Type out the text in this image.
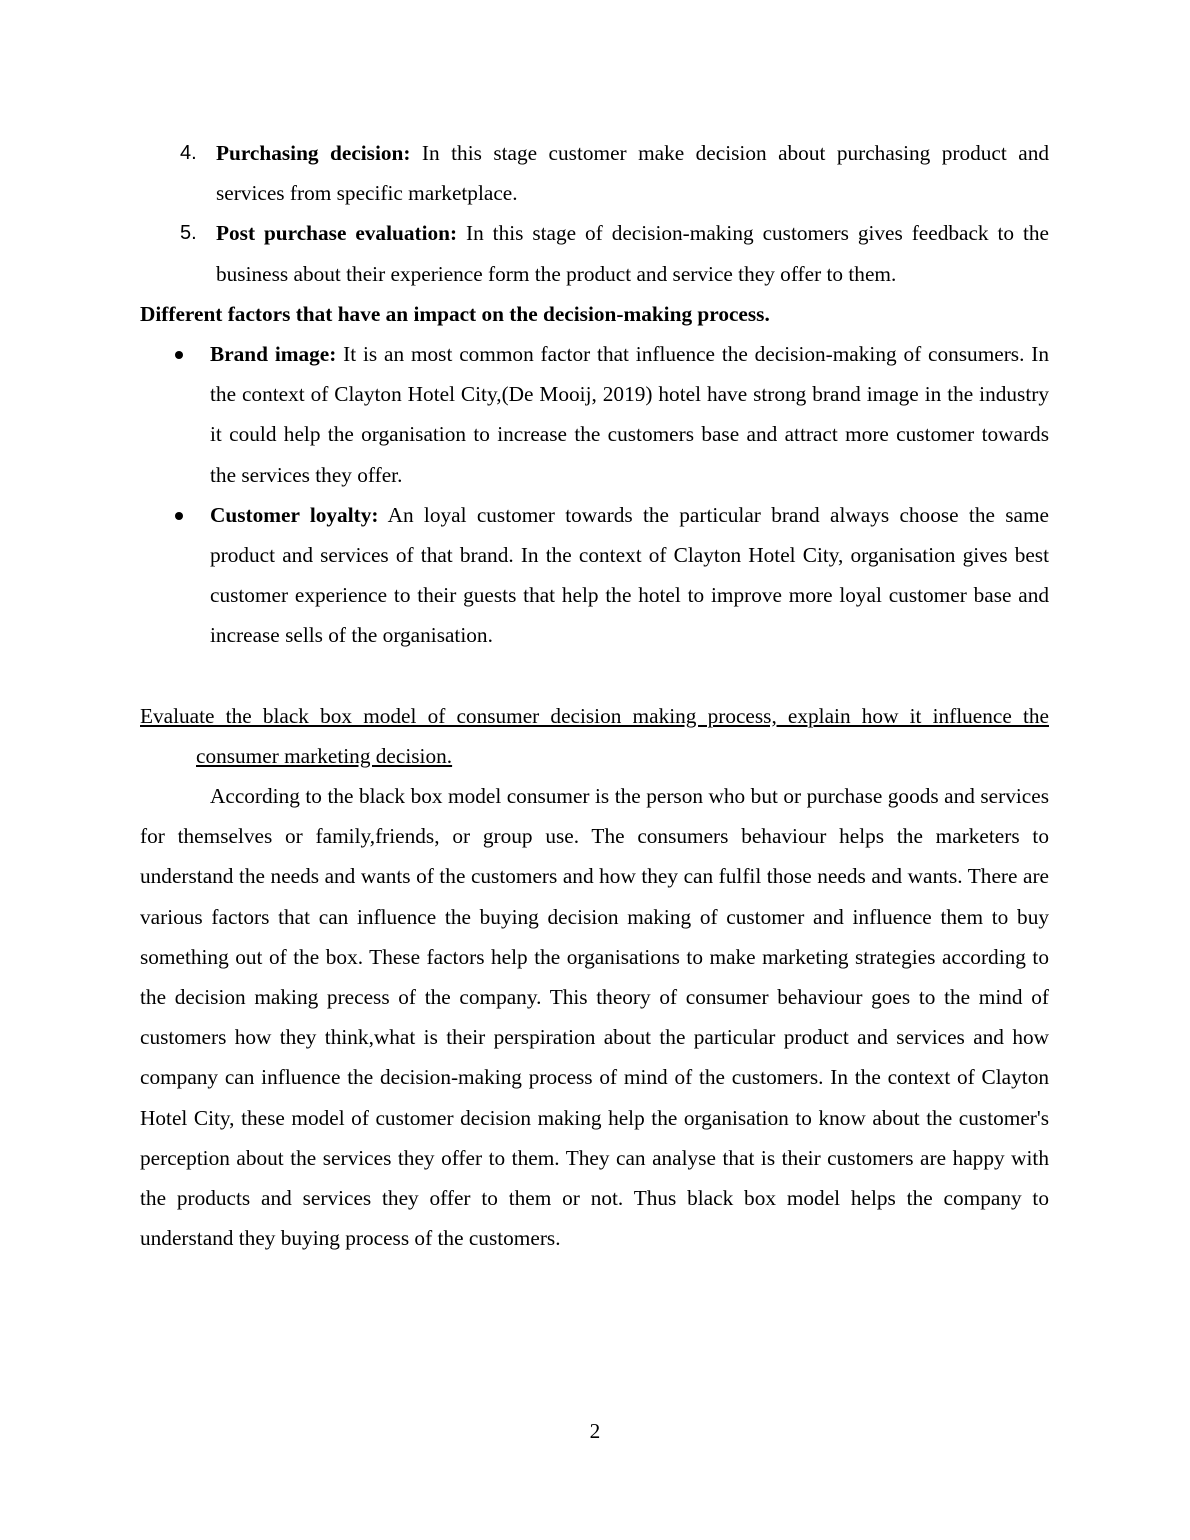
4. Purchasing decision: In this stage customer make decision about purchasing product and services from specific marketplace.
5. Post purchase evaluation: In this stage of decision-making customers gives feedback to the business about their experience form the product and service they offer to them.

Different factors that have an impact on the decision-making process.

Brand image: It is an most common factor that influence the decision-making of consumers. In the context of Clayton Hotel City,(De Mooij, 2019) hotel have strong brand image in the industry it could help the organisation to increase the customers base and attract more customer towards the services they offer.
Customer loyalty: An loyal customer towards the particular brand always choose the same product and services of that brand. In the context of Clayton Hotel City, organisation gives best customer experience to their guests that help the hotel to improve more loyal customer base and increase sells of the organisation.

Evaluate the black box model of consumer decision making process, explain how it influence the consumer marketing decision.

According to the black box model consumer is the person who but or purchase goods and services for themselves or family,friends, or group use. The consumers behaviour helps the marketers to understand the needs and wants of the customers and how they can fulfil those needs and wants. There are various factors that can influence the buying decision making of customer and influence them to buy something out of the box. These factors help the organisations to make marketing strategies according to the decision making precess of the company. This theory of consumer behaviour goes to the mind of customers how they think,what is their perspiration about the particular product and services and how company can influence the decision-making process of mind of the customers. In the context of Clayton Hotel City, these model of customer decision making help the organisation to know about the customer's perception about the services they offer to them. They can analyse that is their customers are happy with the products and services they offer to them or not. Thus black box model helps the company to understand they buying process of the customers.

2
